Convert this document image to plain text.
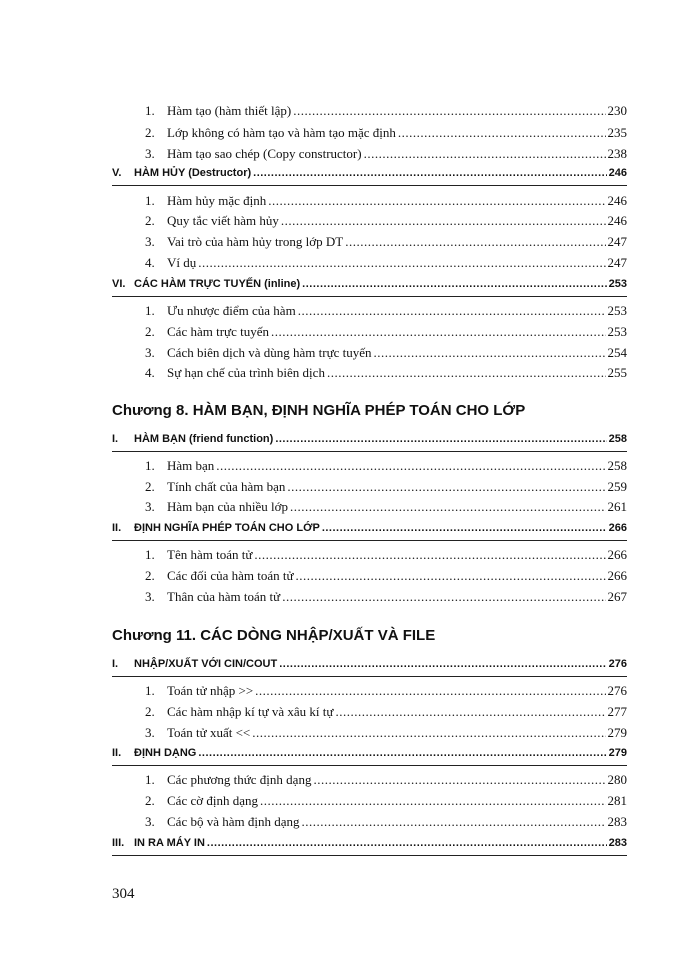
1. Hàm tạo (hàm thiết lập) .....	230
2. Lớp không có hàm tạo và hàm tạo mặc định .....	235
3. Hàm tạo sao chép (Copy constructor) .....	238
V.	HÀM HỦY (Destructor) .....	246
1. Hàm hủy mặc định .....	246
2. Quy tắc viết hàm hủy .....	246
3. Vai trò của hàm hủy trong lớp DT .....	247
4. Ví dụ .....	247
VI. CÁC HÀM TRỰC TUYẾN (inline) .....	253
1. Ưu nhược điểm của hàm .....	253
2. Các hàm trực tuyến .....	253
3. Cách biên dịch và dùng hàm trực tuyến .....	254
4. Sự hạn chế của trình biên dịch .....	255
Chương 8. HÀM BẠN, ĐỊNH NGHĨA PHÉP TOÁN CHO LỚP
I.	HÀM BẠN (friend function) .....	258
1. Hàm bạn .....	258
2. Tính chất của hàm bạn .....	259
3. Hàm bạn của nhiều lớp .....	261
II.	ĐỊNH NGHĨA PHÉP TOÁN CHO LỚP .....	266
1. Tên hàm toán tử .....	266
2. Các đối của hàm toán tử .....	266
3. Thân của hàm toán tử .....	267
Chương 11. CÁC DÒNG NHẬP/XUẤT VÀ FILE
I.	NHẬP/XUẤT VỚI CIN/COUT .....	276
1. Toán tử nhập >> .....	276
2. Các hàm nhập kí tự và xâu kí tự .....	277
3. Toán tử xuất << .....	279
II.	ĐỊNH DẠNG .....	279
1. Các phương thức định dạng .....	280
2. Các cờ định dạng .....	281
3. Các bộ và hàm định dạng .....	283
III. IN RA MÁY IN .....	283
304
